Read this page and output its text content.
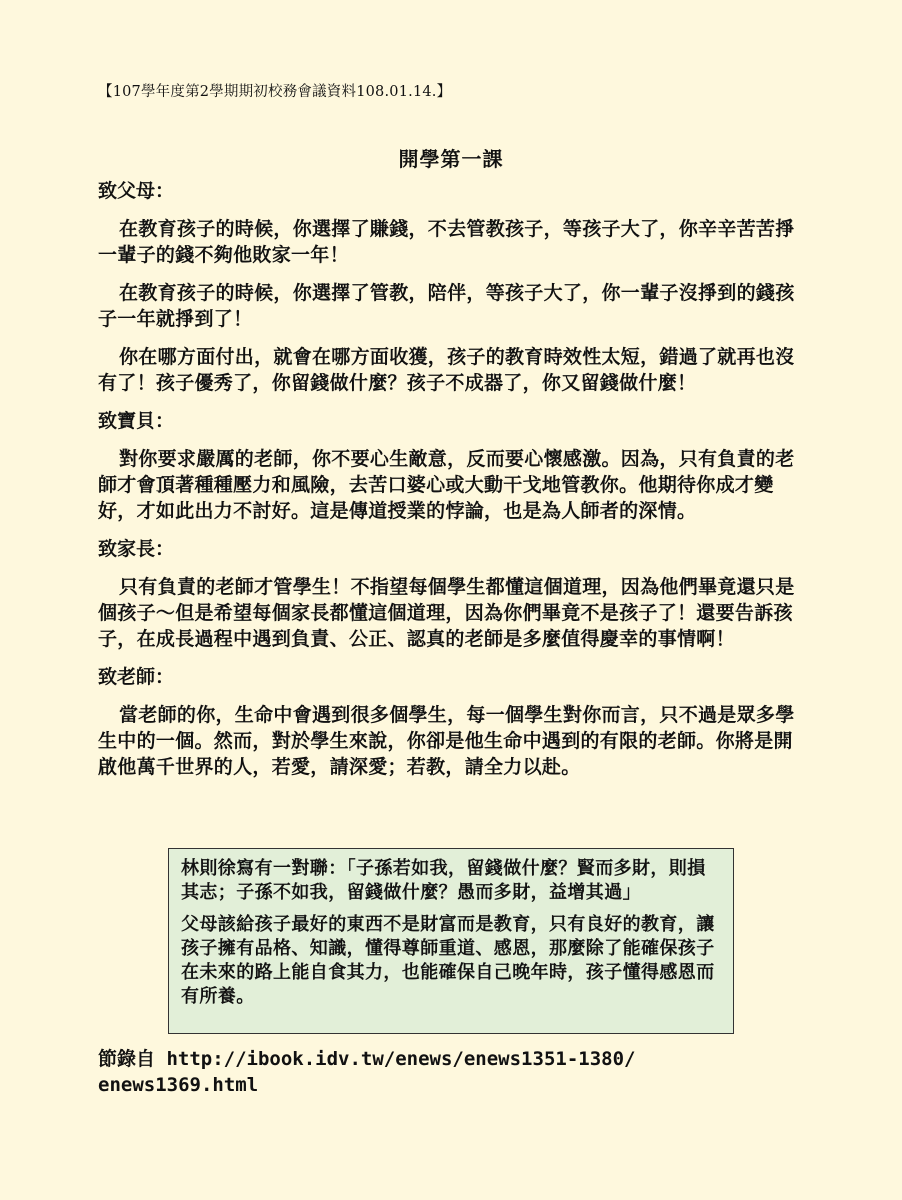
【107學年度第2學期期初校務會議資料108.01.14.】
開學第一課
致父母：

在教育孩子的時候，你選擇了賺錢，不去管教孩子，等孩子大了，你辛辛苦苦掙一輩子的錢不夠他敗家一年！

在教育孩子的時候，你選擇了管教，陪伴，等孩子大了，你一輩子沒掙到的錢孩子一年就掙到了！

你在哪方面付出，就會在哪方面收獲，孩子的教育時效性太短，錯過了就再也沒有了！孩子優秀了，你留錢做什麼？孩子不成器了，你又留錢做什麼！

致寶貝：

對你要求嚴厲的老師，你不要心生敵意，反而要心懷感激。因為，只有負責的老師才會頂著種種壓力和風險，去苦口婆心或大動干戈地管教你。他期待你成才變好，才如此出力不討好。這是傳道授業的悖論，也是為人師者的深情。

致家長：

只有負責的老師才管學生！不指望每個學生都懂這個道理，因為他們畢竟還只是個孩子～但是希望每個家長都懂這個道理，因為你們畢竟不是孩子了！還要告訴孩子，在成長過程中遇到負責、公正、認真的老師是多麼值得慶幸的事情啊！

致老師：

當老師的你，生命中會遇到很多個學生，每一個學生對你而言，只不過是眾多學生中的一個。然而，對於學生來說，你卻是他生命中遇到的有限的老師。你將是開啟他萬千世界的人，若愛，請深愛；若教，請全力以赴。

林則徐寫有一對聯：「子孫若如我，留錢做什麼？賢而多財，則損其志；子孫不如我，留錢做什麼？愚而多財，益增其過」

父母該給孩子最好的東西不是財富而是教育，只有良好的教育，讓孩子擁有品格、知識，懂得尊師重道、感恩，那麼除了能確保孩子在未來的路上能自食其力，也能確保自己晚年時，孩子懂得感恩而有所養。

節錄自 http://ibook.idv.tw/enews/enews1351-1380/enews1369.html
